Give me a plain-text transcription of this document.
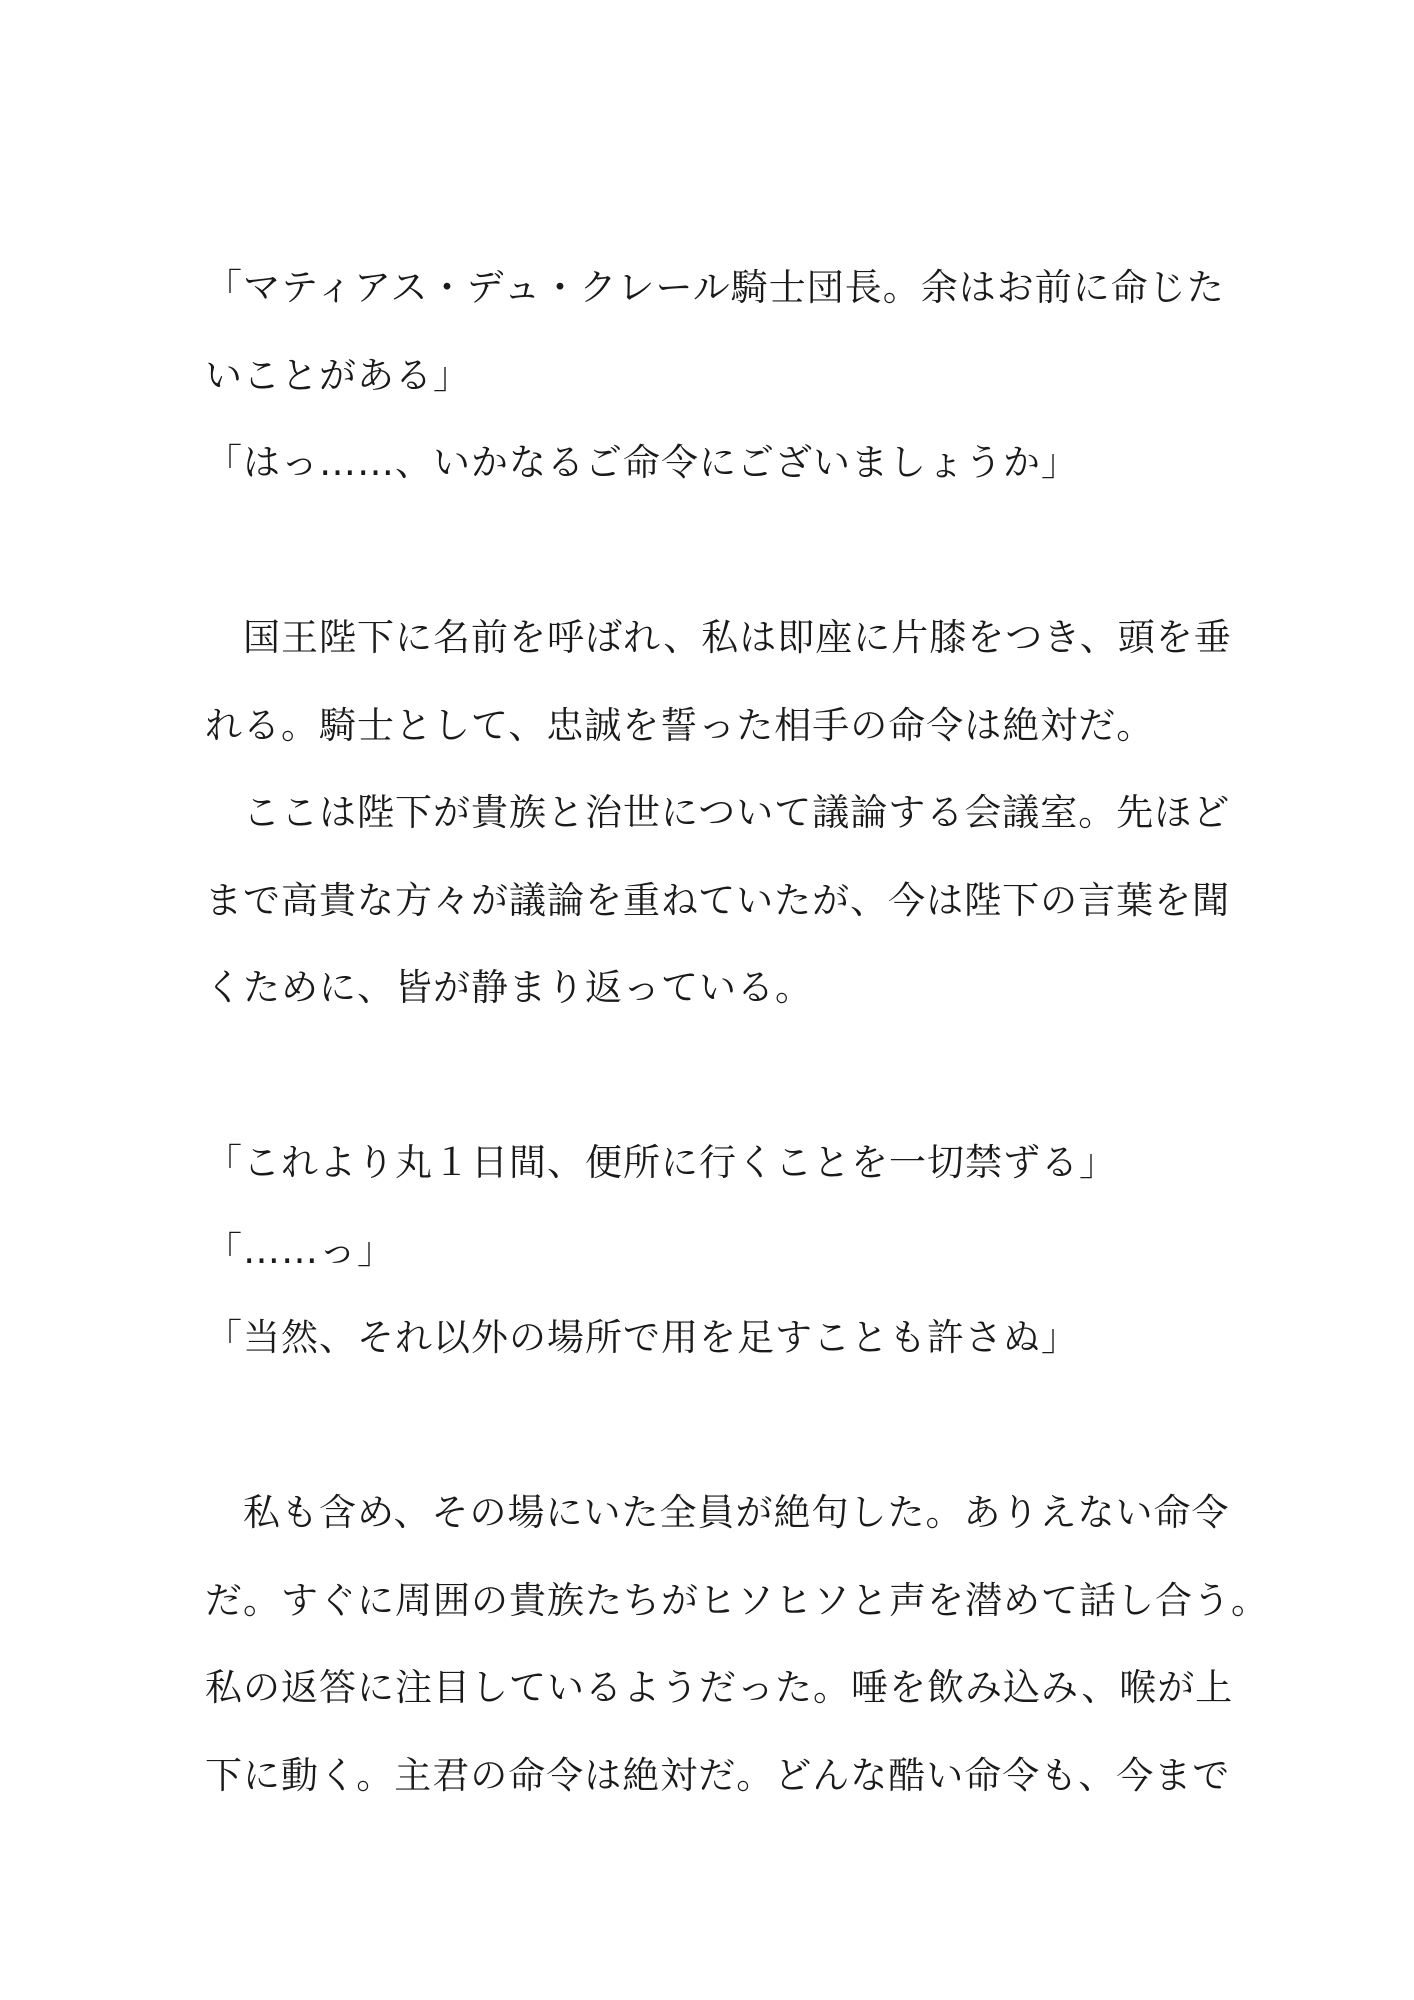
「マティアス・デュ・クレール騎士団長。余はお前に命じた
いことがある」
「はっ……、いかなるご命令にございましょうか」
　国王陛下に名前を呼ばれ、私は即座に片膝をつき、頭を垂
れる。騎士として、忠誠を誓った相手の命令は絶対だ。
　ここは陛下が貴族と治世について議論する会議室。先ほど
まで高貴な方々が議論を重ねていたが、今は陛下の言葉を聞
くために、皆が静まり返っている。
「これより丸１日間、便所に行くことを一切禁ずる」
「……っ」
「当然、それ以外の場所で用を足すことも許さぬ」
　私も含め、その場にいた全員が絶句した。ありえない命令
だ。すぐに周囲の貴族たちがヒソヒソと声を潜めて話し合う。
私の返答に注目しているようだった。唾を飲み込み、喉が上
下に動く。主君の命令は絶対だ。どんな酷い命令も、今まで
